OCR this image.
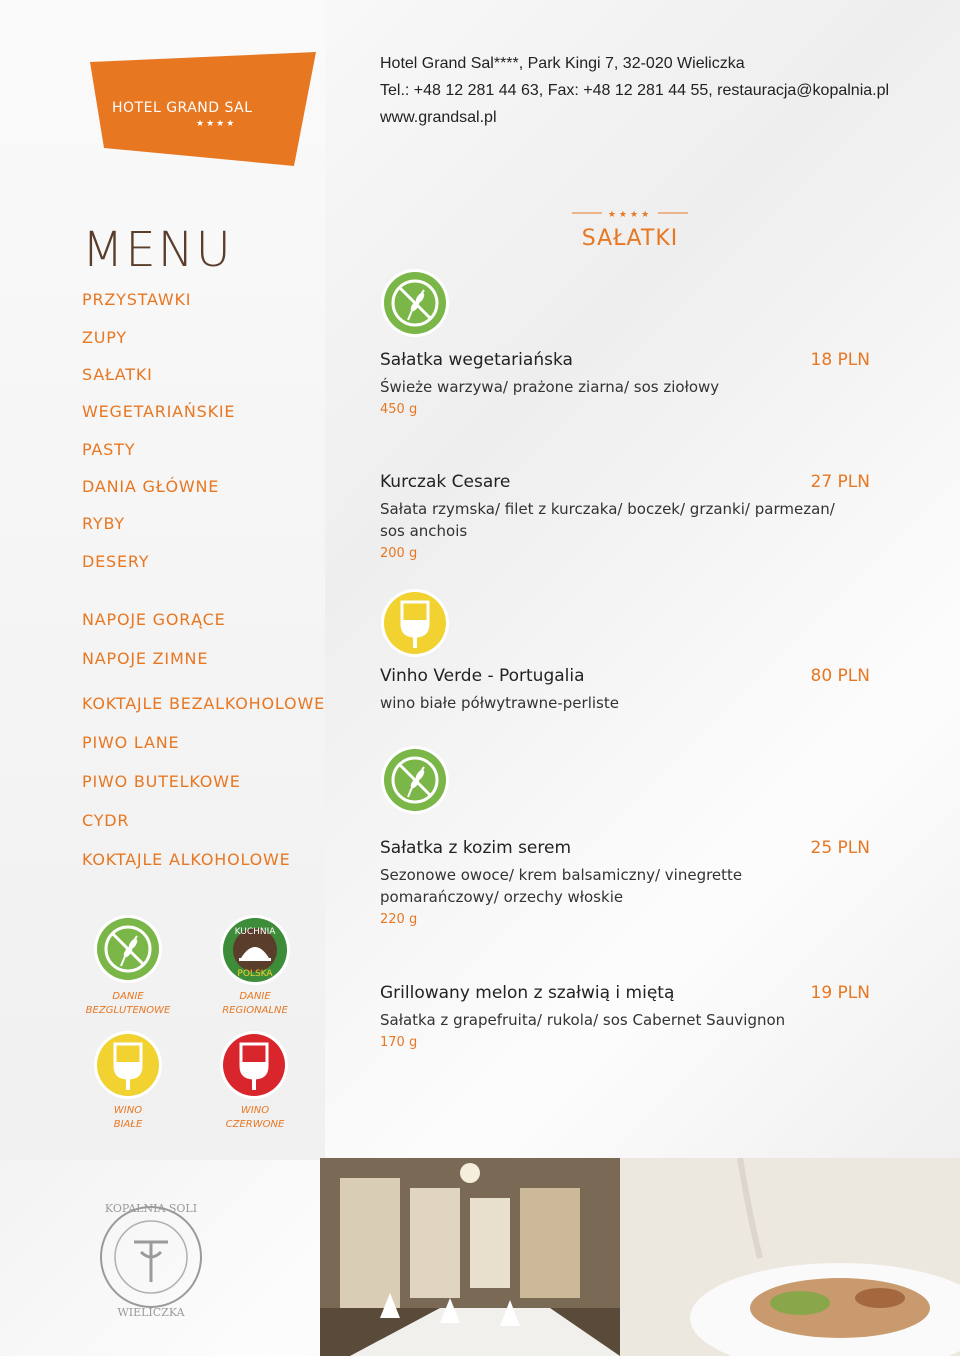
HOTEL GRAND SAL
★★★★
MENU
PRZYSTAWKI
ZUPY
SAŁATKI
WEGETARIAŃSKIE
PASTY
DANIA GŁÓWNE
RYBY
DESERY
NAPOJE GORĄCE
NAPOJE ZIMNE
KOKTAJLE BEZALKOHOLOWE
PIWO LANE
PIWO BUTELKOWE
CYDR
KOKTAJLE ALKOHOLOWE
DANIE
BEZGLUTENOWE
KUCHNIA
POLSKA
DANIE
REGIONALNE
WINO
BIAŁE
WINO
CZERWONE
Hotel Grand Sal****, Park Kingi 7, 32-020 Wieliczka
Tel.: +48 12 281 44 63, Fax: +48 12 281 44 55, restauracja@kopalnia.pl
www.grandsal.pl
★★★★
SAŁATKI
Sałatka wegetariańska	18 PLN
Świeże warzywa/ prażone ziarna/ sos ziołowy
450 g
Kurczak Cesare	27 PLN
Sałata rzymska/ filet z kurczaka/ boczek/ grzanki/ parmezan/ sos anchois
200 g
Vinho Verde - Portugalia	80 PLN
wino białe półwytrawne-perliste
Sałatka z kozim serem	25 PLN
Sezonowe owoce/ krem balsamiczny/ vinegrette pomarańczowy/ orzechy włoskie
220 g
Grillowany melon z szałwią i miętą	19 PLN
Sałatka z grapefruita/ rukola/ sos Cabernet Sauvignon
170 g
KOPALNIA SOLI
WIELICZKA
